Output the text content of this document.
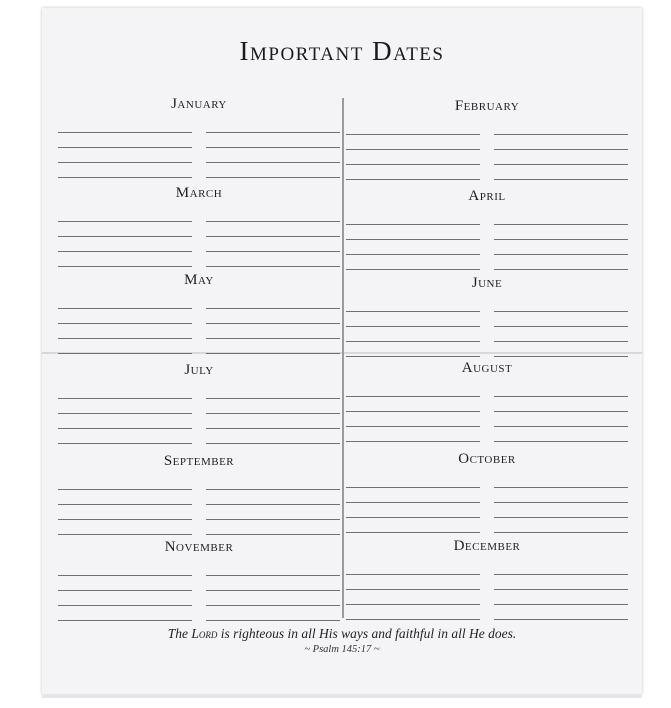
Important Dates
January	February
March	April
May	June
July	August
September	October
November	December
The Lord is righteous in all His ways and faithful in all He does.
~ Psalm 145:17 ~
